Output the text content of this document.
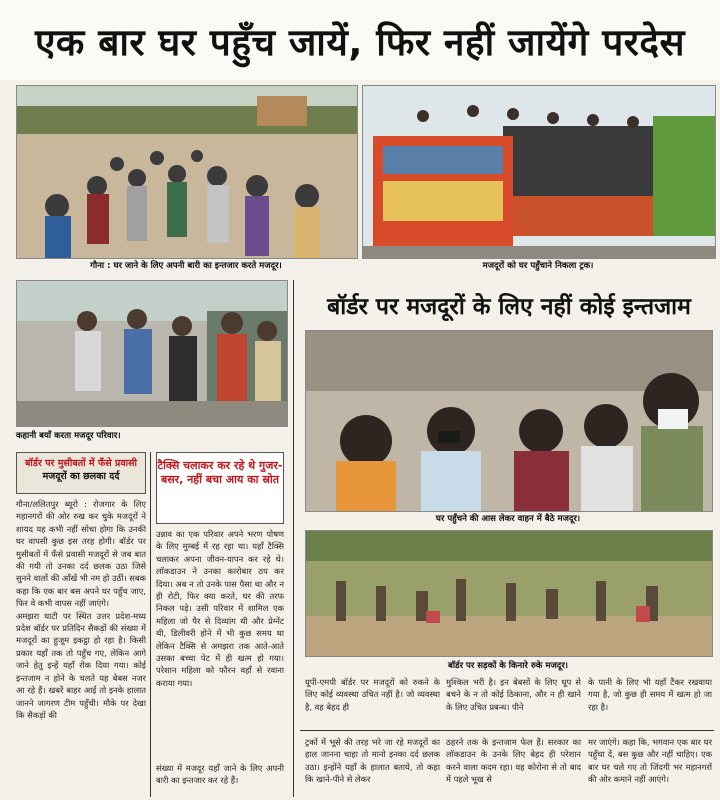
एक बार घर पहुँच जायें, फिर नहीं जायेंगे परदेस
गौना : घर जाने के लिए अपनी बारी का इन्तजार करते मजदूर।	मजदूरों को घर पहुँचाने निकला ट्रक।
कहानी बयाँ करता मजदूर परिवार।
बॉर्डर पर मजदूरों के लिए नहीं कोई इन्तजाम
घर पहुँचने की आस लेकर वाहन में बैठे मजदूर।
बॉर्डर पर सड़कों के किनारे रुके मजदूर।
बॉर्डर पर मुसीबतों में फँसे प्रवासी
मजदूरों का छलका दर्द
टैक्सि चलाकर कर रहे थे गुजर-बसर, नहीं बचा आय का स्रोत

गौना/ललितपुर ब्यूरो : रोजगार के लिए महानगरों की ओर रुख कर चुके मजदूरों ने शायद यह कभी नहीं सोचा होगा कि उनकी घर वापसी कुछ इस तरह होगी। बॉर्डर पर मुसीबतों में फँसे प्रवासी मजदूरों से जब बात की गयी तो उनका दर्द छलक उठा जिसे सुनने वालों की आँखें भी नम हो उठीं। सबक कहा कि एक बार बस अपने घर पहुँच जाए, फिर वे कभी वापस नहीं जाएंगे।
अमझरा घाटी पर स्थित उत्तर प्रदेश-मध्य प्रदेश बॉर्डर पर प्रतिदिन सैकड़ों की संख्या में मजदूरों का हुजूम इकट्ठा हो रहा है। किसी प्रकार यहाँ तक तो पहुँच गए, लेकिन आगे जाने हेतु इन्हें यहाँ रोक दिया गया। कोई इन्तजाम न होने के चलते यह बेबस नजर आ रहे हैं। खबरें बाहर आईं तो इनके हालात जानने जागरण टीम पहुँची। मौके पर देखा कि सैकड़ों की

उन्नाव का एक परिवार अपने भरण पोषण के लिए मुम्बई में रह रहा था। यहाँ टैक्सि चलाकर अपना जीवन-यापन कर रहे थे। लॉकडाउन ने उनका कारोबार ठप कर दिया। अब न तो उनके पास पैसा था और न ही रोटी, फिर क्या करते, घर की तरफ निकल पड़े। उसी परिवार में शामिल एक महिला जो पैर से दिव्यांग थी और प्रेग्नेंट थी, डिलीवरी होने में भी कुछ समय था लेकिन टैक्सि से अमझरा तक आते-आते उसका बच्चा पेट में ही खत्म हो गया। परेशान महिला को फौरन वहाँ से रवाना कराया गया।

संख्या में मजदूर यहाँ जाने के लिए अपनी बारी का इन्तजार कर रहे हैं।

यूपी-एमपी बॉर्डर पर मजदूरों को रुकने के लिए कोई व्यवस्था उचित नहीं है। जो व्यवस्था है, वह बेहद ही

मुश्किल भरी है। इन बेबसों के लिए धूप से बचने के न तो कोई ठिकाना, और न ही खाने के लिए उचित प्रबन्ध। पीने

के पानी के लिए भी यहाँ टैंकर रखवाया गया है, जो कुछ ही समय में खत्म हो जा रहा है।

ट्रकों में भूसे की तरह भरे जा रहे मजदूरों का हाल जानना चाहा तो मानो इनका दर्द छलक उठा। इन्होंने यहाँ के हालात बताये, तो कहा कि खाने-पीने से लेकर

ठहरने तक के इन्तजाम फेल हैं। सरकार का लॉकडाउन के उनके लिए बेहद ही परेशान करने वाला कदम रहा। वह कोरोना से तो बाद में पहले भूख से

मर जाएंगे। कहा कि, भगवान एक बार घर पहुँचा दें, बस कुछ और नहीं चाहिए। एक बार घर चले गए तो जिंदगी भर महानगरों की ओर कमाने नहीं आएंगे।
